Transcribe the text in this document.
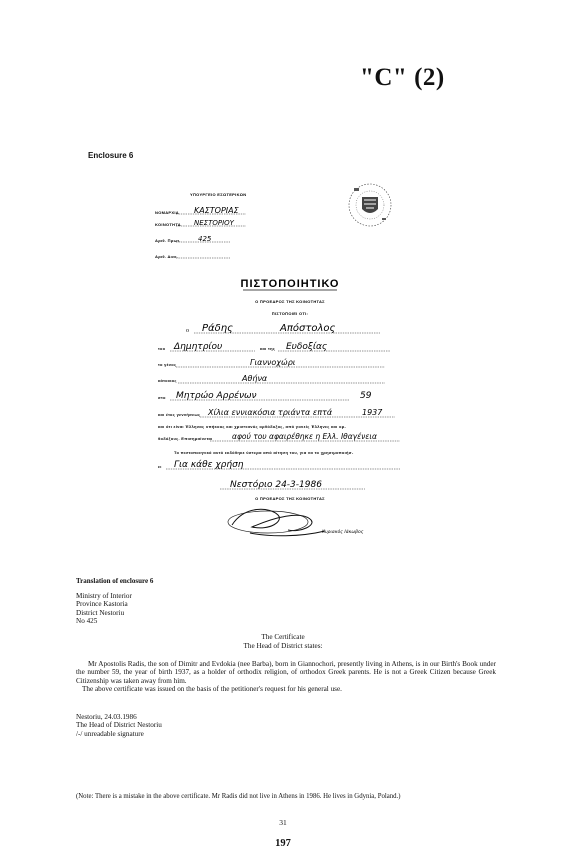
"C" (2)
Enclosure 6
ΥΠΟΥΡΓΕΙΟ ΕΣΩΤΕΡΙΚΩΝ
ΝΟΜΑΡΧΙΑ ΚΑΣΤΟΡΙΑΣ
ΚΟΙΝΟΤΗΤΑ ΝΕΣΤΟΡΙΟΥ
Αριθ. Πρωτ. 425
Αριθ. Διεκ.
ΠΙΣΤΟΠΟΙΗΤΙΚΟ
Ο ΠΡΟΕΔΡΟΣ ΤΗΣ ΚΟΙΝΟΤΗΤΑΣ
ΠΙΣΤΟΠΟΙΕΙ ΟΤΙ:
ο Ράδης	Απόστολος
του Δημητρίου	και της Ευδοξίας
το γένος	Γιαννοχώρι
κάτοικος	Αθήνα
στο Μητρώο Αρρένων	59
και έτος γεννήσεως Χίλια εννιακόσια τριάντα επτά	1937
και ότι είναι Έλληνας υπήκοος και χριστιανός ορθόδοξος, από γονείς Έλληνες και ορ-
θοδόξους. Επισημαίνεται	αφού του αφαιρέθηκε η Ελλ. Ιθαγένεια
Το πιστοποιητικό αυτό εκδόθηκε ύστερα από αίτηση του, για να το χρησιμοποιήσ-
ει Για κάθε χρήση
Νεστόριο 24-3-1986
Ο ΠΡΟΕΔΡΟΣ ΤΗΣ ΚΟΙΝΟΤΗΤΑΣ
Κυριακός Ιάκωβος
Translation of enclosure 6
Ministry of Interior
Province Kastoria
District Nestoriu
No 425
The Certificate
The Head of District states:
Mr Apostolis Radis, the son of Dimitr and Evdokia (nee Barba), born in Giannochori, presently living in Athens, is in our Birth's Book under the number 59, the year of birth 1937, as a holder of orthodix religion, of orthodox Greek parents. He is not a Greek Citizen because Greek Citizenship was taken away from him.
The above certificate was issued on the basis of the petitioner's request for his general use.
Nestoriu, 24.03.1986
The Head of District Nestoriu
/-/ unreadable signature
(Note: There is a mistake in the above certificate. Mr Radis did not live in Athens in 1986. He lives in Gdynia, Poland.)
31
197
